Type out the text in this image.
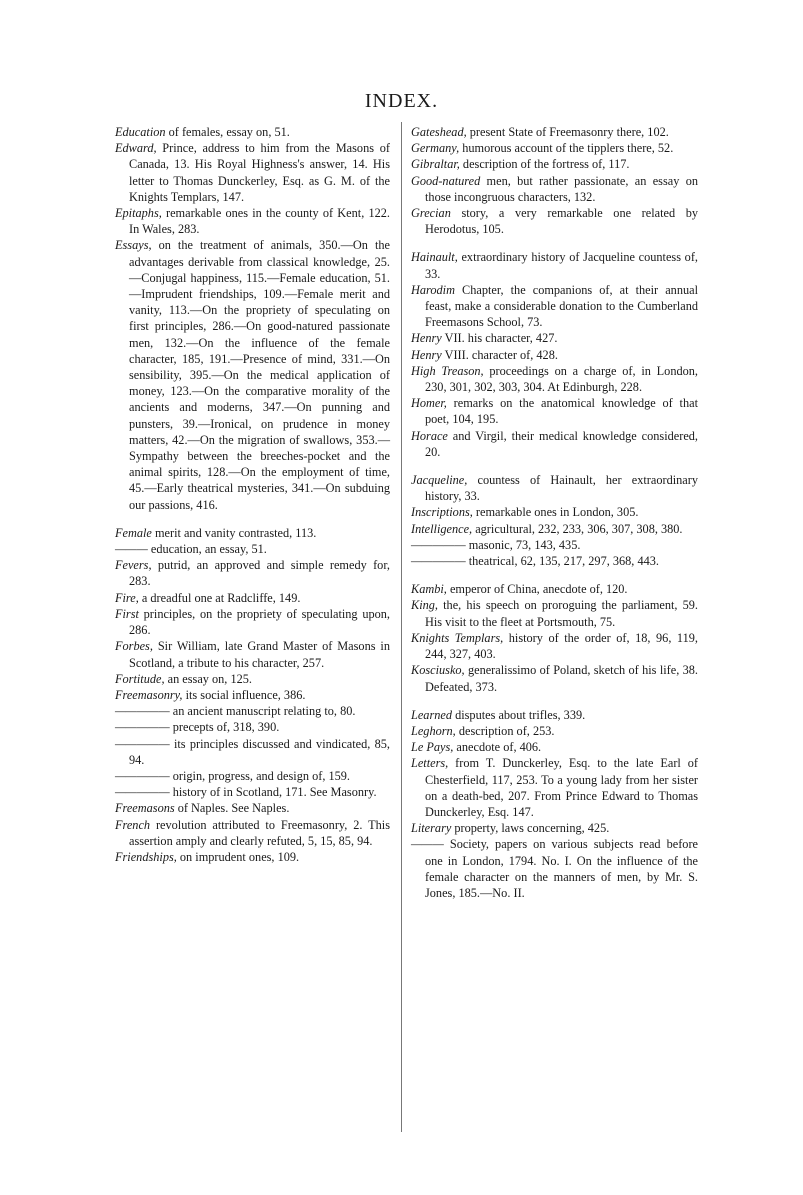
INDEX.

Education of females, essay on, 51.

Edward, Prince, address to him from the Masons of Canada, 13. His Royal Highness's answer, 14. His letter to Thomas Dunckerley, Esq. as G. M. of the Knights Templars, 147.

Epitaphs, remarkable ones in the county of Kent, 122. In Wales, 283.

Essays, on the treatment of animals, 350.—On the advantages derivable from classical knowledge, 25.—Conjugal happiness, 115.—Female education, 51.—Imprudent friendships, 109.—Female merit and vanity, 113.—On the propriety of speculating on first principles, 286.—On good-natured passionate men, 132.—On the influence of the female character, 185, 191.—Presence of mind, 331.—On sensibility, 395.—On the medical application of money, 123.—On the comparative morality of the ancients and moderns, 347.—On punning and punsters, 39.—Ironical, on prudence in money matters, 42.—On the migration of swallows, 353.—Sympathy between the breeches-pocket and the animal spirits, 128.—On the employment of time, 45.—Early theatrical mysteries, 341.—On subduing our passions, 416.

Female merit and vanity contrasted, 113.

——— education, an essay, 51.

Fevers, putrid, an approved and simple remedy for, 283.

Fire, a dreadful one at Radcliffe, 149.

First principles, on the propriety of speculating upon, 286.

Forbes, Sir William, late Grand Master of Masons in Scotland, a tribute to his character, 257.

Fortitude, an essay on, 125.

Freemasonry, its social influence, 386.

————— an ancient manuscript relating to, 80.

————— precepts of, 318, 390.

————— its principles discussed and vindicated, 85, 94.

————— origin, progress, and design of, 159.

————— history of in Scotland, 171. See Masonry.

Freemasons of Naples. See Naples.

French revolution attributed to Freemasonry, 2. This assertion amply and clearly refuted, 5, 15, 85, 94.

Friendships, on imprudent ones, 109.

Gateshead, present State of Freemasonry there, 102.

Germany, humorous account of the tipplers there, 52.

Gibraltar, description of the fortress of, 117.

Good-natured men, but rather passionate, an essay on those incongruous characters, 132.

Grecian story, a very remarkable one related by Herodotus, 105.

Hainault, extraordinary history of Jacqueline countess of, 33.

Harodim Chapter, the companions of, at their annual feast, make a considerable donation to the Cumberland Freemasons School, 73.

Henry VII. his character, 427.

Henry VIII. character of, 428.

High Treason, proceedings on a charge of, in London, 230, 301, 302, 303, 304. At Edinburgh, 228.

Homer, remarks on the anatomical knowledge of that poet, 104, 195.

Horace and Virgil, their medical knowledge considered, 20.

Jacqueline, countess of Hainault, her extraordinary history, 33.

Inscriptions, remarkable ones in London, 305.

Intelligence, agricultural, 232, 233, 306, 307, 308, 380.

————— masonic, 73, 143, 435.

————— theatrical, 62, 135, 217, 297, 368, 443.

Kambi, emperor of China, anecdote of, 120.

King, the, his speech on proroguing the parliament, 59. His visit to the fleet at Portsmouth, 75.

Knights Templars, history of the order of, 18, 96, 119, 244, 327, 403.

Kosciusko, generalissimo of Poland, sketch of his life, 38. Defeated, 373.

Learned disputes about trifles, 339.

Leghorn, description of, 253.

Le Pays, anecdote of, 406.

Letters, from T. Dunckerley, Esq. to the late Earl of Chesterfield, 117, 253. To a young lady from her sister on a death-bed, 207. From Prince Edward to Thomas Dunckerley, Esq. 147.

Literary property, laws concerning, 425.

——— Society, papers on various subjects read before one in London, 1794. No. I. On the influence of the female character on the manners of men, by Mr. S. Jones, 185.—No. II.
